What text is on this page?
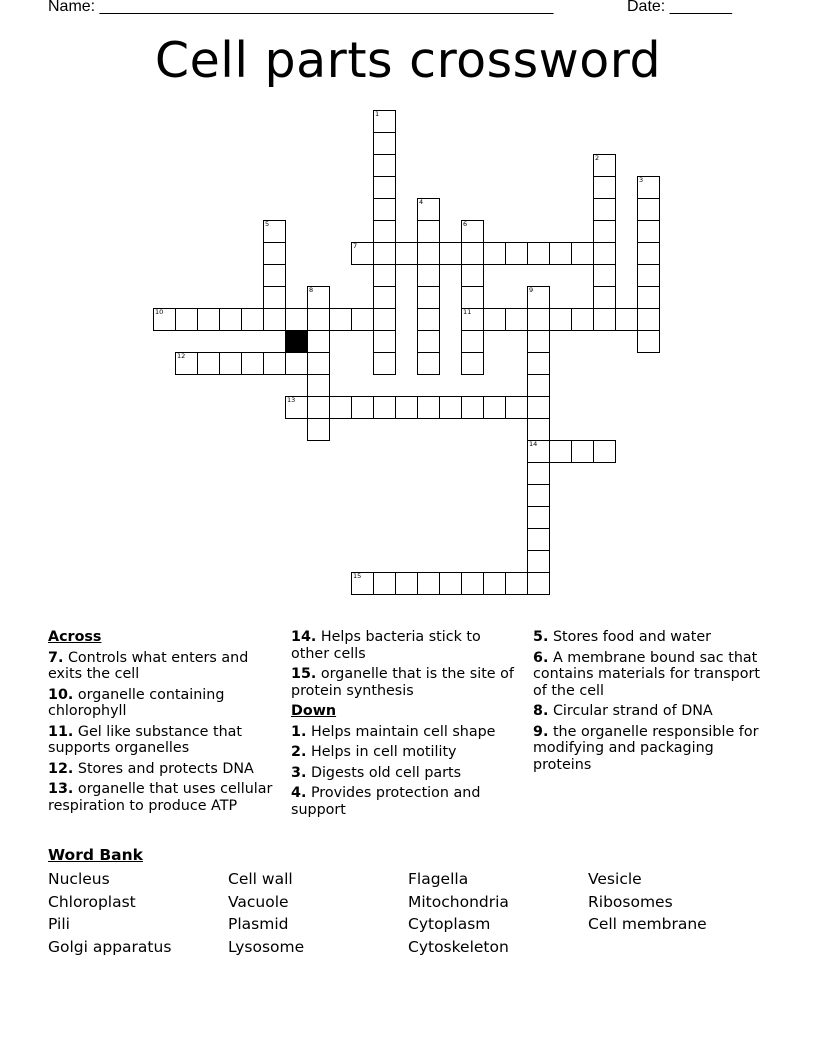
Name: ___________________________________________________	Date: _______
Cell parts crossword
1
2
3
4
5	6
11
7
8	9
14
10
12
13
15
Across
7. Controls what enters and exits the cell
10. organelle containing chlorophyll
11. Gel like substance that supports organelles
12. Stores and protects DNA
13. organelle that uses cellular respiration to produce ATP
14. Helps bacteria stick to other cells
15. organelle that is the site of protein synthesis
Down
1. Helps maintain cell shape
2. Helps in cell motility
3. Digests old cell parts
4. Provides protection and support
5. Stores food and water
6. A membrane bound sac that contains materials for transport of the cell
8. Circular strand of DNA
9. the organelle responsible for modifying and packaging proteins
Word Bank
Nucleus
Chloroplast
Pili
Golgi apparatus
Cell wall
Vacuole
Plasmid
Lysosome
Flagella
Mitochondria
Cytoplasm
Cytoskeleton
Vesicle
Ribosomes
Cell membrane
